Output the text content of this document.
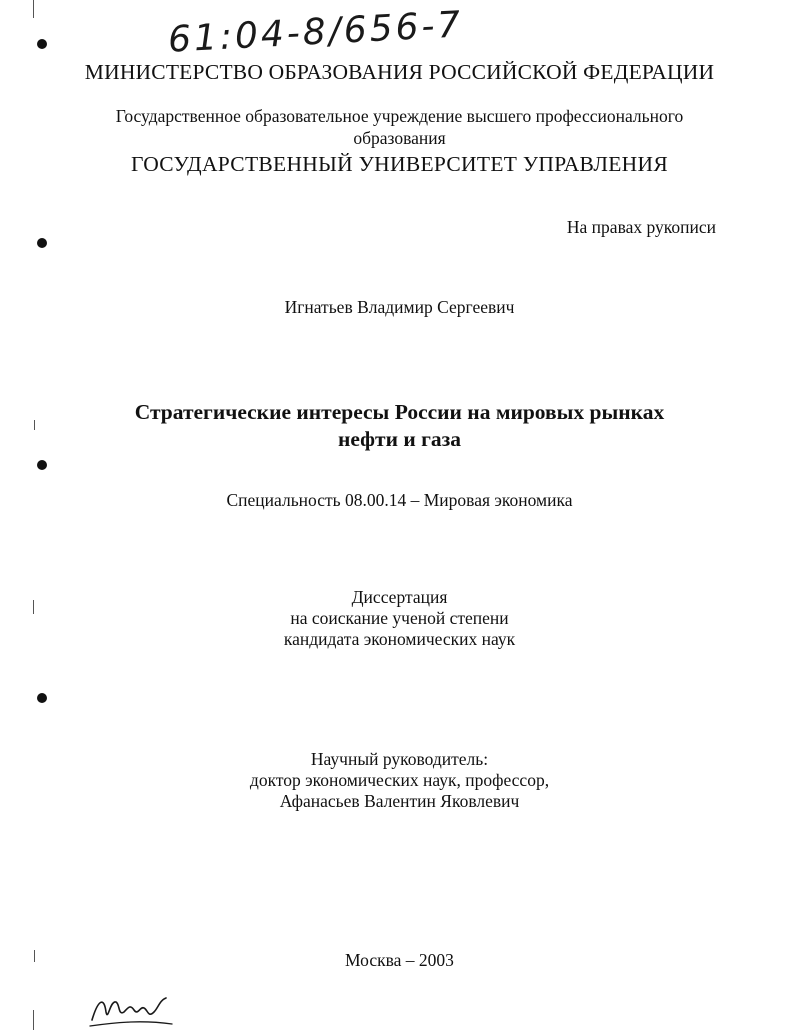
61:04-8/656-7
МИНИСТЕРСТВО ОБРАЗОВАНИЯ РОССИЙСКОЙ ФЕДЕРАЦИИ
Государственное образовательное учреждение высшего профессионального
образования
ГОСУДАРСТВЕННЫЙ УНИВЕРСИТЕТ УПРАВЛЕНИЯ
На правах рукописи
Игнатьев Владимир Сергеевич
Стратегические интересы России на мировых рынках
нефти и газа
Специальность 08.00.14 – Мировая экономика
Диссертация
на соискание ученой степени
кандидата экономических наук
Научный руководитель:
доктор экономических наук, профессор,
Афанасьев Валентин Яковлевич
Москва – 2003
